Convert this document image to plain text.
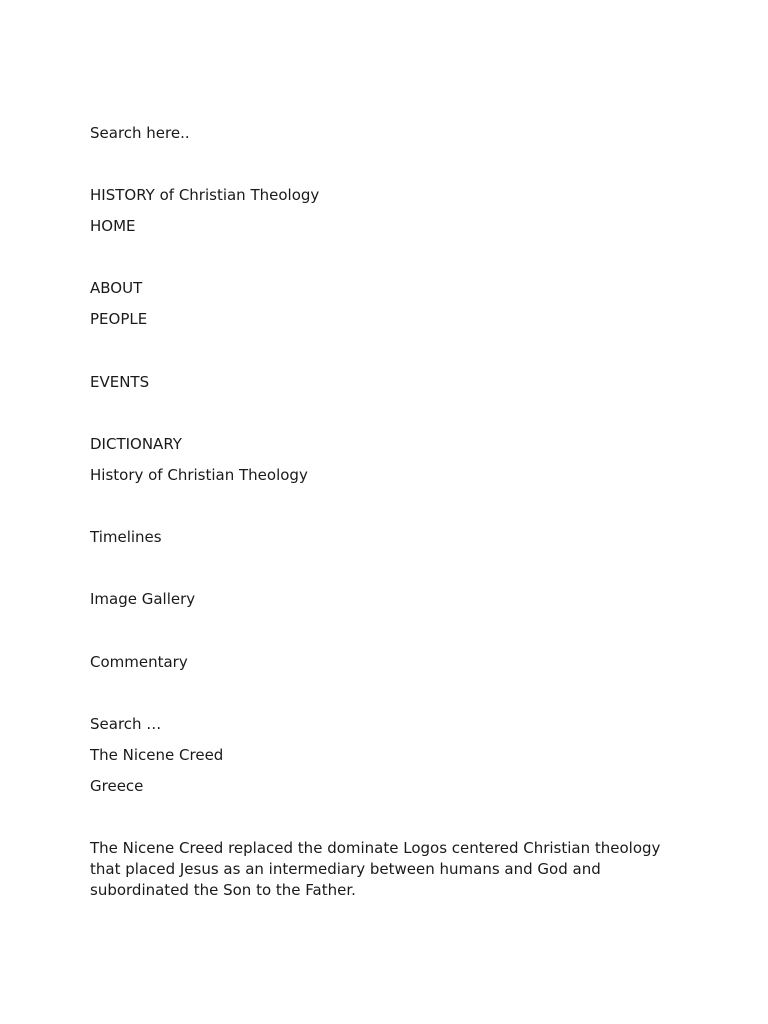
Search here..

HISTORY of Christian Theology

HOME

ABOUT

PEOPLE

EVENTS

DICTIONARY

History of Christian Theology

Timelines

Image Gallery

Commentary

Search …

The Nicene Creed

Greece

The Nicene Creed replaced the dominate Logos centered Christian theology that placed Jesus as an intermediary between humans and God and subordinated the Son to the Father.
